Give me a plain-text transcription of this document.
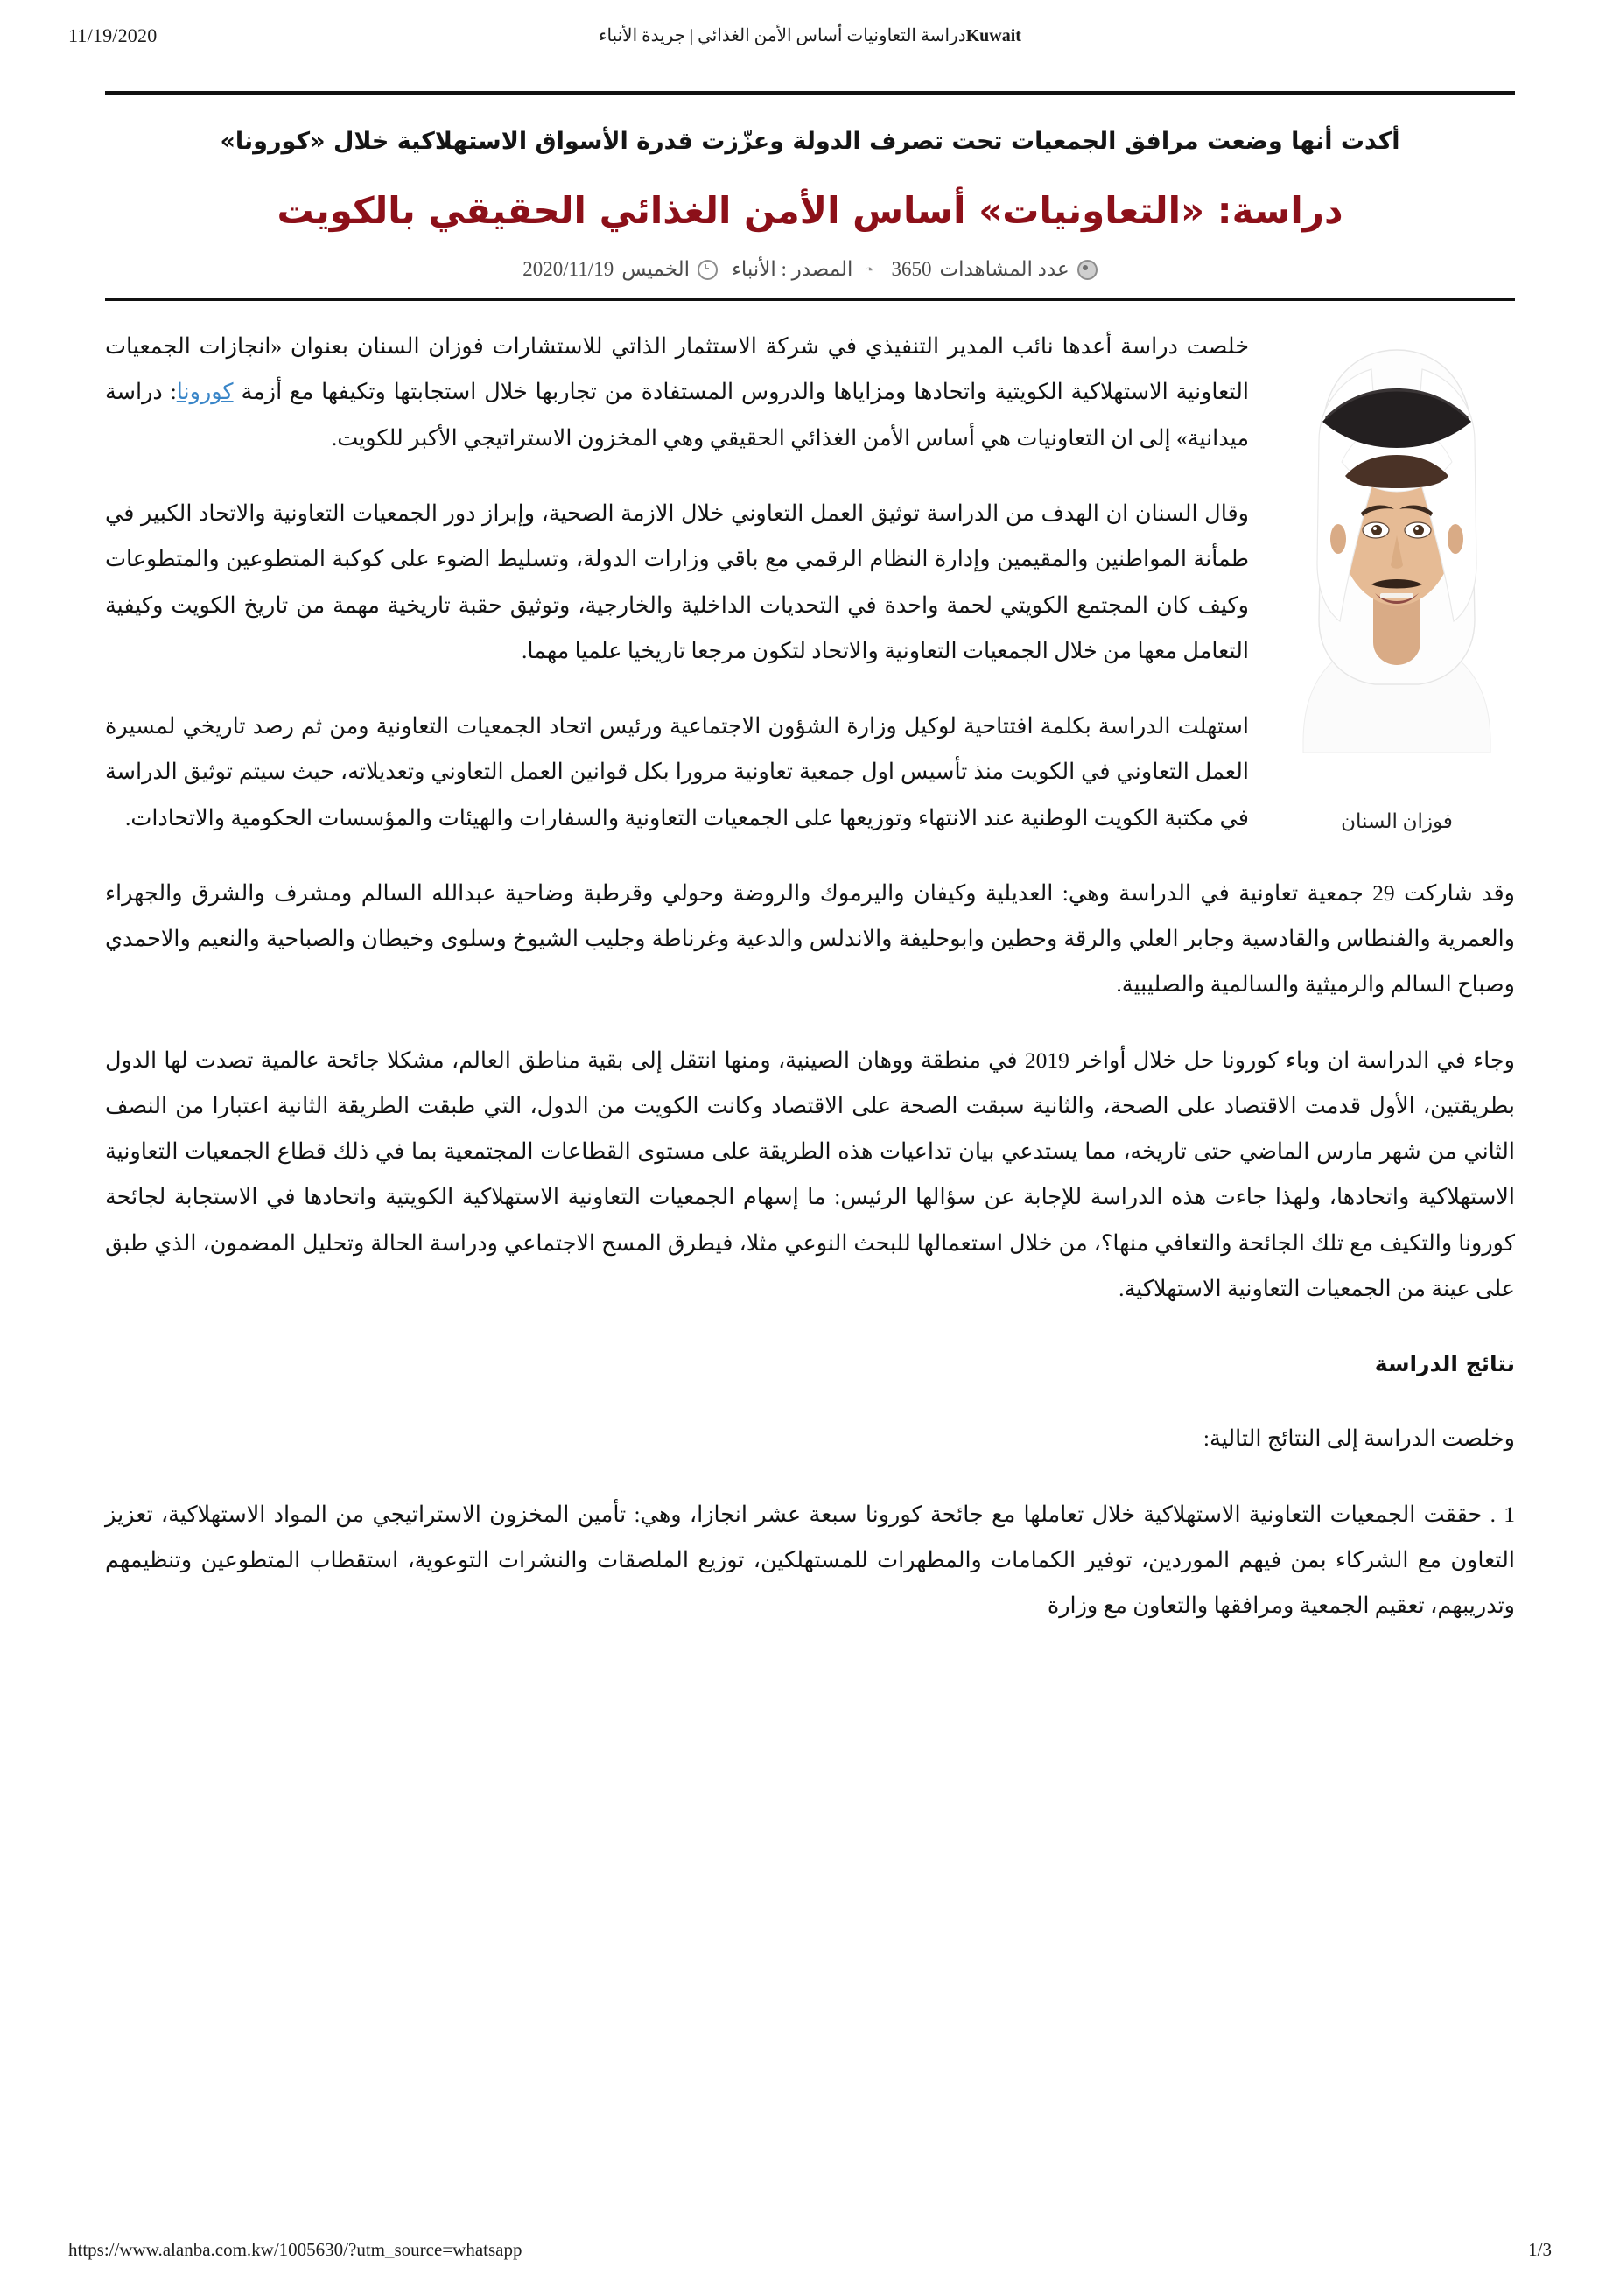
11/19/2020	Kuwaitدراسة التعاونيات أساس الأمن الغذائي | جريدة الأنباء
أكدت أنها وضعت مرافق الجمعيات تحت تصرف الدولة وعزّزت قدرة الأسواق الاستهلاكية خلال «كورونا»
دراسة: «التعاونيات» أساس الأمن الغذائي الحقيقي بالكويت
الخميس
2020/11/19	◔
المصدر : الأنباء	عدد المشاهدات
3650
فوزان السنان

خلصت دراسة أعدها نائب المدير التنفيذي في شركة الاستثمار الذاتي للاستشارات فوزان السنان بعنوان «انجازات الجمعيات التعاونية الاستهلاكية الكويتية واتحادها ومزاياها والدروس المستفادة من تجاربها خلال استجابتها وتكيفها مع أزمة كورونا: دراسة ميدانية» إلى ان التعاونيات هي أساس الأمن الغذائي الحقيقي وهي المخزون الاستراتيجي الأكبر للكويت.

وقال السنان ان الهدف من الدراسة توثيق العمل التعاوني خلال الازمة الصحية، وإبراز دور الجمعيات التعاونية والاتحاد الكبير في طمأنة المواطنين والمقيمين وإدارة النظام الرقمي مع باقي وزارات الدولة، وتسليط الضوء على كوكبة المتطوعين والمتطوعات وكيف كان المجتمع الكويتي لحمة واحدة في التحديات الداخلية والخارجية، وتوثيق حقبة تاريخية مهمة من تاريخ الكويت وكيفية التعامل معها من خلال الجمعيات التعاونية والاتحاد لتكون مرجعا تاريخيا علميا مهما.

استهلت الدراسة بكلمة افتتاحية لوكيل وزارة الشؤون الاجتماعية ورئيس اتحاد الجمعيات التعاونية ومن ثم رصد تاريخي لمسيرة العمل التعاوني في الكويت منذ تأسيس اول جمعية تعاونية مرورا بكل قوانين العمل التعاوني وتعديلاته، حيث سيتم توثيق الدراسة في مكتبة الكويت الوطنية عند الانتهاء وتوزيعها على الجمعيات التعاونية والسفارات والهيئات والمؤسسات الحكومية والاتحادات.

وقد شاركت 29 جمعية تعاونية في الدراسة وهي: العديلية وكيفان واليرموك والروضة وحولي وقرطبة وضاحية عبدالله السالم ومشرف والشرق والجهراء والعمرية والفنطاس والقادسية وجابر العلي والرقة وحطين وابوحليفة والاندلس والدعية وغرناطة وجليب الشيوخ وسلوى وخيطان والصباحية والنعيم والاحمدي وصباح السالم والرميثية والسالمية والصليبية.

وجاء في الدراسة ان وباء كورونا حل خلال أواخر 2019 في منطقة ووهان الصينية، ومنها انتقل إلى بقية مناطق العالم، مشكلا جائحة عالمية تصدت لها الدول بطريقتين، الأول قدمت الاقتصاد على الصحة، والثانية سبقت الصحة على الاقتصاد وكانت الكويت من الدول، التي طبقت الطريقة الثانية اعتبارا من النصف الثاني من شهر مارس الماضي حتى تاريخه، مما يستدعي بيان تداعيات هذه الطريقة على مستوى القطاعات المجتمعية بما في ذلك قطاع الجمعيات التعاونية الاستهلاكية واتحادها، ولهذا جاءت هذه الدراسة للإجابة عن سؤالها الرئيس: ما إسهام الجمعيات التعاونية الاستهلاكية الكويتية واتحادها في الاستجابة لجائحة كورونا والتكيف مع تلك الجائحة والتعافي منها؟، من خلال استعمالها للبحث النوعي مثلا، فيطرق المسح الاجتماعي ودراسة الحالة وتحليل المضمون، الذي طبق على عينة من الجمعيات التعاونية الاستهلاكية.

نتائج الدراسة

وخلصت الدراسة إلى النتائج التالية:

1 . حققت الجمعيات التعاونية الاستهلاكية خلال تعاملها مع جائحة كورونا سبعة عشر انجازا، وهي: تأمين المخزون الاستراتيجي من المواد الاستهلاكية، تعزيز التعاون مع الشركاء بمن فيهم الموردين، توفير الكمامات والمطهرات للمستهلكين، توزيع الملصقات والنشرات التوعوية، استقطاب المتطوعين وتنظيمهم وتدريبهم، تعقيم الجمعية ومرافقها والتعاون مع وزارة

https://www.alanba.com.kw/1005630/?utm_source=whatsapp	1/3
